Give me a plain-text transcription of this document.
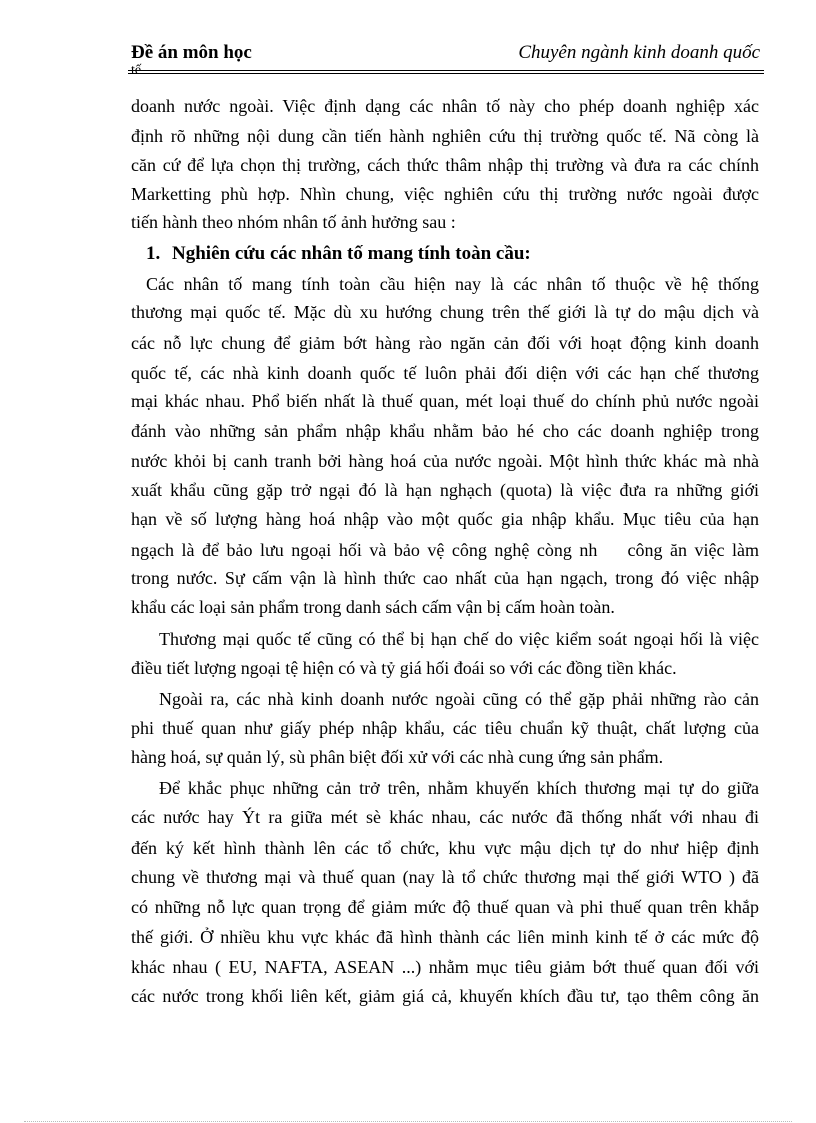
Đề án môn học	Chuyên ngành kinh doanh quốc
tế
doanh nước ngoài. Việc định dạng các nhân tố này cho phép doanh nghiệp xác
định rõ những nội dung cần tiến hành nghiên cứu thị trường quốc tế. Nã còng là
căn cứ để lựa chọn thị trường, cách thức thâm nhập thị trường và đưa ra các chính
Marketting phù hợp. Nhìn chung, việc nghiên cứu thị trường nước ngoài được
tiến hành theo nhóm nhân tố ảnh hưởng sau :
1. Nghiên cứu các nhân tố mang tính toàn cầu:
Các nhân tố mang tính toàn cầu hiện nay là các nhân tố thuộc về hệ thống
thương mại quốc tế. Mặc dù xu hướng chung trên thế giới là tự do mậu dịch và
các nỗ lực chung để giảm bớt hàng rào ngăn cản đối với hoạt động kinh doanh
quốc tế, các nhà kinh doanh quốc tế luôn phải đối diện với các hạn chế thương
mại khác nhau. Phổ biến nhất là thuế quan, mét loại thuế do chính phủ nước ngoài
đánh vào những sản phẩm nhập khẩu nhằm bảo hé cho các doanh nghiệp trong
nước khỏi bị canh tranh bởi hàng hoá của nước ngoài. Một hình thức khác mà nhà
xuất khẩu cũng gặp trở ngại đó là hạn nghạch (quota) là việc đưa ra những giới
hạn về số lượng hàng hoá nhập vào một quốc gia nhập khẩu. Mục tiêu của hạn
ngạch là để bảo lưu ngoại hối và bảo vệ công nghệ còng nh    công ăn việc làm
trong nước. Sự cấm vận là hình thức cao nhất của hạn ngạch, trong đó việc nhập
khẩu các loại sản phẩm trong danh sách cấm vận bị cấm hoàn toàn.
Thương mại quốc tế cũng có thể bị hạn chế do việc kiểm soát ngoại hối là việc
điều tiết lượng ngoại tệ hiện có và tỷ giá hối đoái so với các đồng tiền khác.
Ngoài ra, các nhà kinh doanh nước ngoài cũng có thể gặp phải những rào cản
phi thuế quan như giấy phép nhập khẩu, các tiêu chuẩn kỹ thuật, chất lượng của
hàng hoá, sự quản lý, sù phân biệt đối xử với các nhà cung ứng sản phẩm.
Để khắc phục những cản trở trên, nhằm khuyến khích thương mại tự do giữa
các nước hay Ýt ra giữa mét sè khác nhau, các nước đã thống nhất với nhau đi
đến ký kết hình thành lên các tổ chức, khu vực mậu dịch tự do như hiệp định
chung về thương mại và thuế quan (nay là tổ chức thương mại thế giới WTO ) đã
có những nỗ lực quan trọng để giảm mức độ thuế quan và phi thuế quan trên khắp
thế giới. Ở nhiều khu vực khác đã hình thành các liên minh kinh tế ở các mức độ
khác nhau ( EU, NAFTA, ASEAN ...) nhằm mục tiêu giảm bớt thuế quan đối với
các nước trong khối liên kết, giảm giá cả, khuyến khích đầu tư, tạo thêm công ăn
